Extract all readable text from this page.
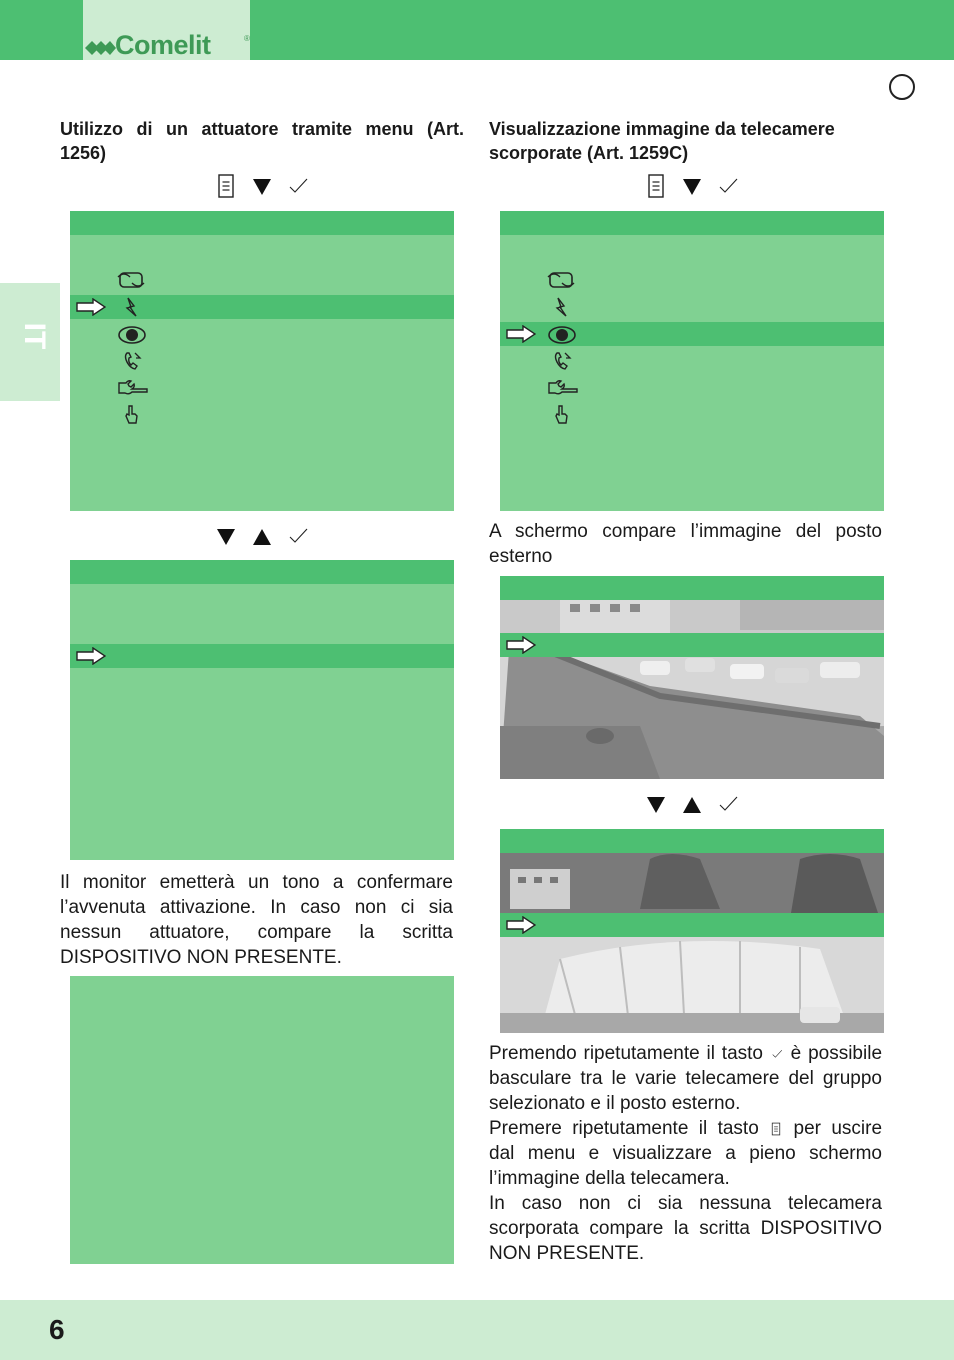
Comelit	®
IT
Utilizzo di un attuatore tramite menu (Art. 1256)
Il monitor emetterà un tono a confermare l’avvenuta attivazione. In caso non ci sia nessun attuatore, compare la scritta DISPOSITIVO NON PRESENTE.
Visualizzazione immagine da telecamere scorporate (Art. 1259C)
A schermo compare l’immagine del posto esterno
Premendo ripetutamente il tasto è possibile basculare tra le varie telecamere del gruppo selezionato e il posto esterno.
Premere ripetutamente il tasto per uscire dal menu e visualizzare a pieno schermo l’immagine della telecamera.
In caso non ci sia nessuna telecamera scorporata compare la scritta DISPOSITIVO NON PRESENTE.
6
